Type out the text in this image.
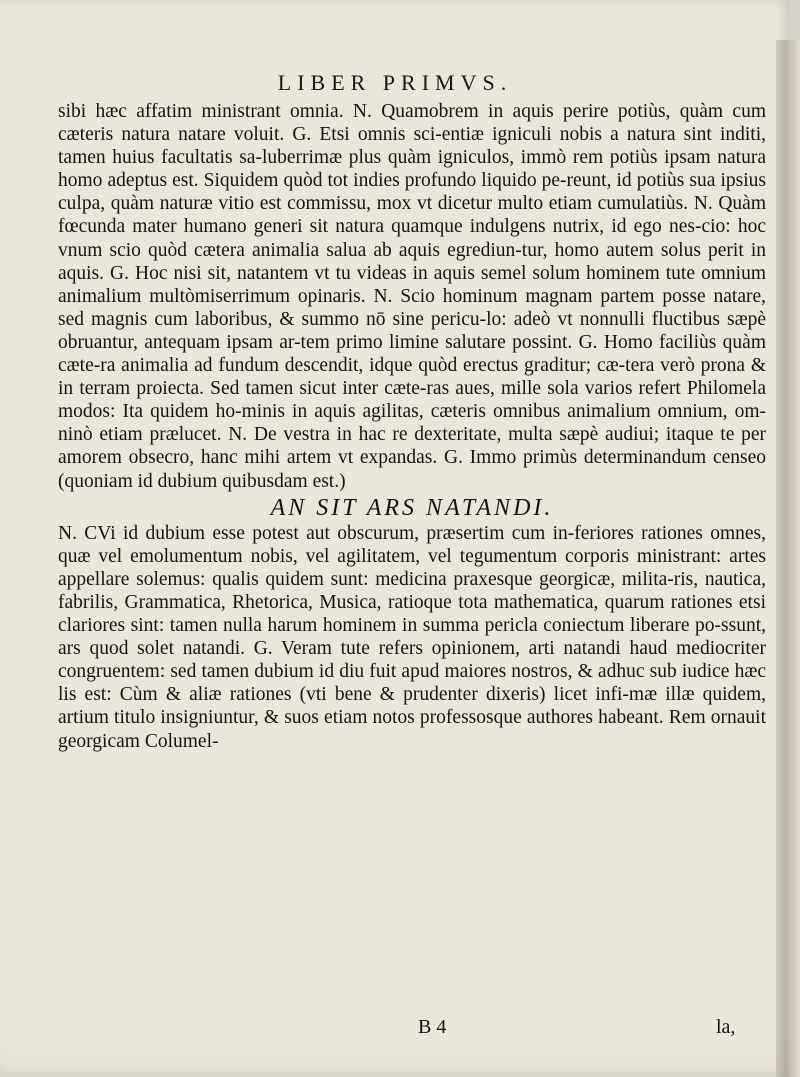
LIBER PRIMVS.

sibi hæc affatim ministrant omnia. N. Quamobrem in aquis perire potiùs, quàm cum cæteris natura natare voluit. G. Etsi omnis sci-entiæ igniculi nobis a natura sint inditi, tamen huius facultatis sa-luberrimæ plus quàm igniculos, immò rem potiùs ipsam natura homo adeptus est. Siquidem quòd tot indies profundo liquido pe-reunt, id potiùs sua ipsius culpa, quàm naturæ vitio est commissu, mox vt dicetur multo etiam cumulatiùs. N. Quàm fœcunda mater humano generi sit natura quamque indulgens nutrix, id ego nes-cio: hoc vnum scio quòd cætera animalia salua ab aquis egrediun-tur, homo autem solus perit in aquis. G. Hoc nisi sit, natantem vt tu videas in aquis semel solum hominem tute omnium animalium multòmiserrimum opinaris. N. Scio hominum magnam partem posse natare, sed magnis cum laboribus, & summo nō sine pericu-lo: adeò vt nonnulli fluctibus sæpè obruantur, antequam ipsam ar-tem primo limine salutare possint. G. Homo faciliùs quàm cæte-ra animalia ad fundum descendit, idque quòd erectus graditur; cæ-tera verò prona & in terram proiecta. Sed tamen sicut inter cæte-ras aues, mille sola varios refert Philomela modos: Ita quidem ho-minis in aquis agilitas, cæteris omnibus animalium omnium, om-ninò etiam prælucet. N. De vestra in hac re dexteritate, multa sæpè audiui; itaque te per amorem obsecro, hanc mihi artem vt expandas. G. Immo primùs determinandum censeo (quoniam id dubium quibusdam est.)

AN SIT ARS NATANDI.

N. CVi id dubium esse potest aut obscurum, præsertim cum in-feriores rationes omnes, quæ vel emolumentum nobis, vel agilitatem, vel tegumentum corporis ministrant: artes appellare solemus: qualis quidem sunt: medicina praxesque georgicæ, milita-ris, nautica, fabrilis, Grammatica, Rhetorica, Musica, ratioque tota mathematica, quarum rationes etsi clariores sint: tamen nulla harum hominem in summa pericla coniectum liberare po-ssunt, ars quod solet natandi. G. Veram tute refers opinionem, arti natandi haud mediocriter congruentem: sed tamen dubium id diu fuit apud maiores nostros, & adhuc sub iudice hæc lis est: Cùm & aliæ rationes (vti bene & prudenter dixeris) licet infi-mæ illæ quidem, artium titulo insigniuntur, & suos etiam notos professosque authores habeant. Rem ornauit georgicam Columel-

B 4	la,
